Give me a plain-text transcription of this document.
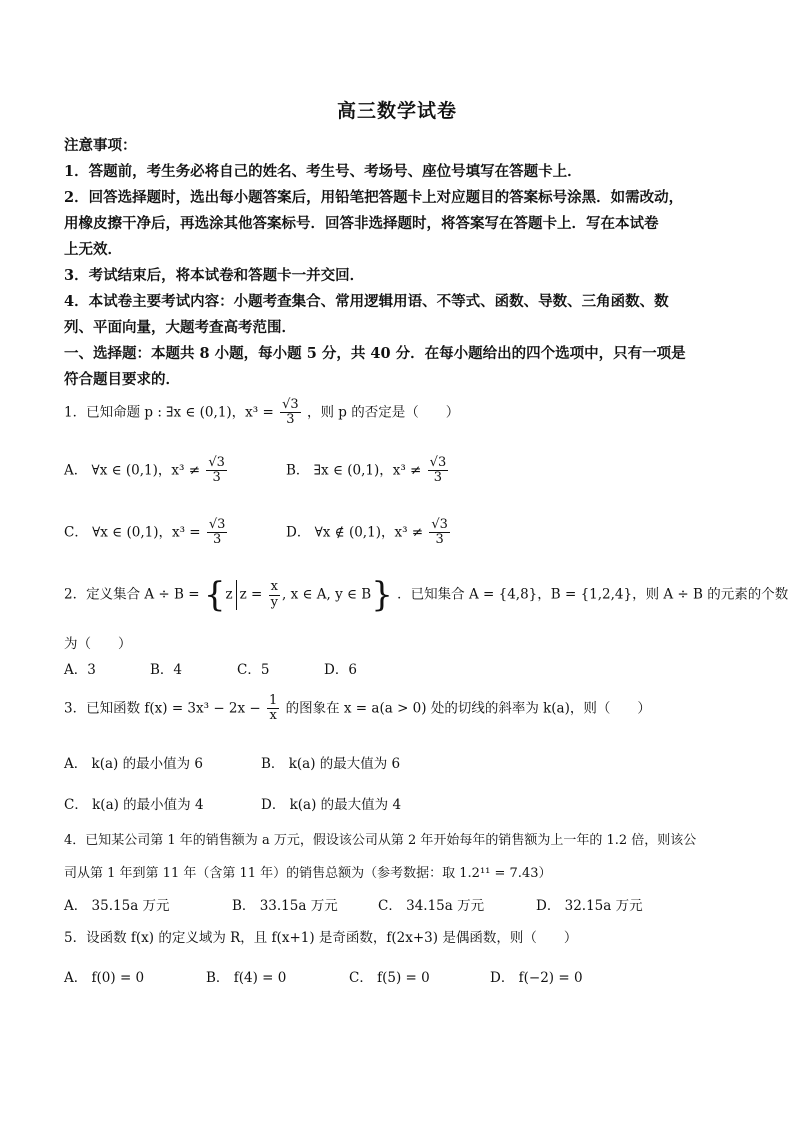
高三数学试卷
注意事项：
1．答题前，考生务必将自己的姓名、考生号、考场号、座位号填写在答题卡上．
2．回答选择题时，选出每小题答案后，用铅笔把答题卡上对应题目的答案标号涂黑．如需改动，
用橡皮擦干净后，再选涂其他答案标号．回答非选择题时，将答案写在答题卡上．写在本试卷
上无效．
3．考试结束后，将本试卷和答题卡一并交回．
4．本试卷主要考试内容：小题考查集合、常用逻辑用语、不等式、函数、导数、三角函数、数
列、平面向量，大题考查高考范围．
一、选择题：本题共 8 小题，每小题 5 分，共 40 分．在每小题给出的四个选项中，只有一项是
符合题目要求的．
1．已知命题 p : ∃x ∈ (0,1)，$x^3 = \frac{√3}{3}$ ，则 p 的否定是（　　）
A． ∀x ∈ (0,1)，$x^3 \ne \frac{√3}{3}$	B． ∃x ∈ (0,1)，$x^3 \ne \frac{√3}{3}$
C． ∀x ∈ (0,1)，$x^3 = \frac{√3}{3}$	D． ∀x ∉ (0,1)，$x^3 \ne \frac{√3}{3}$
2．定义集合 A ÷ B = {z $z = \frac{x}{y}$ , x ∈ A, y ∈ B} ．已知集合 A = {4,8}，B = {1,2,4}，则 A ÷ B 的元素的个数
为（　　）
A．3	B．4	C．5	D．6
3．已知函数 $f(x) = 3x^3 - 2x - \frac{1}{x}$ 的图象在 x = a(a > 0) 处的切线的斜率为 k(a)，则（　　）
A． k(a) 的最小值为 6	B． k(a) 的最大值为 6
C． k(a) 的最小值为 4	D． k(a) 的最大值为 4
4．已知某公司第 1 年的销售额为 a 万元，假设该公司从第 2 年开始每年的销售额为上一年的 1.2 倍，则该公
司从第 1 年到第 11 年（含第 11 年）的销售总额为（参考数据：取 1.2¹¹ = 7.43）
A． 35.15a 万元	B． 33.15a 万元	C． 34.15a 万元	D． 32.15a 万元
5．设函数 f(x) 的定义域为 R，且 f(x+1) 是奇函数，f(2x+3) 是偶函数，则（　　）
A． f(0) = 0	B． f(4) = 0	C． f(5) = 0	D． f(−2) = 0
